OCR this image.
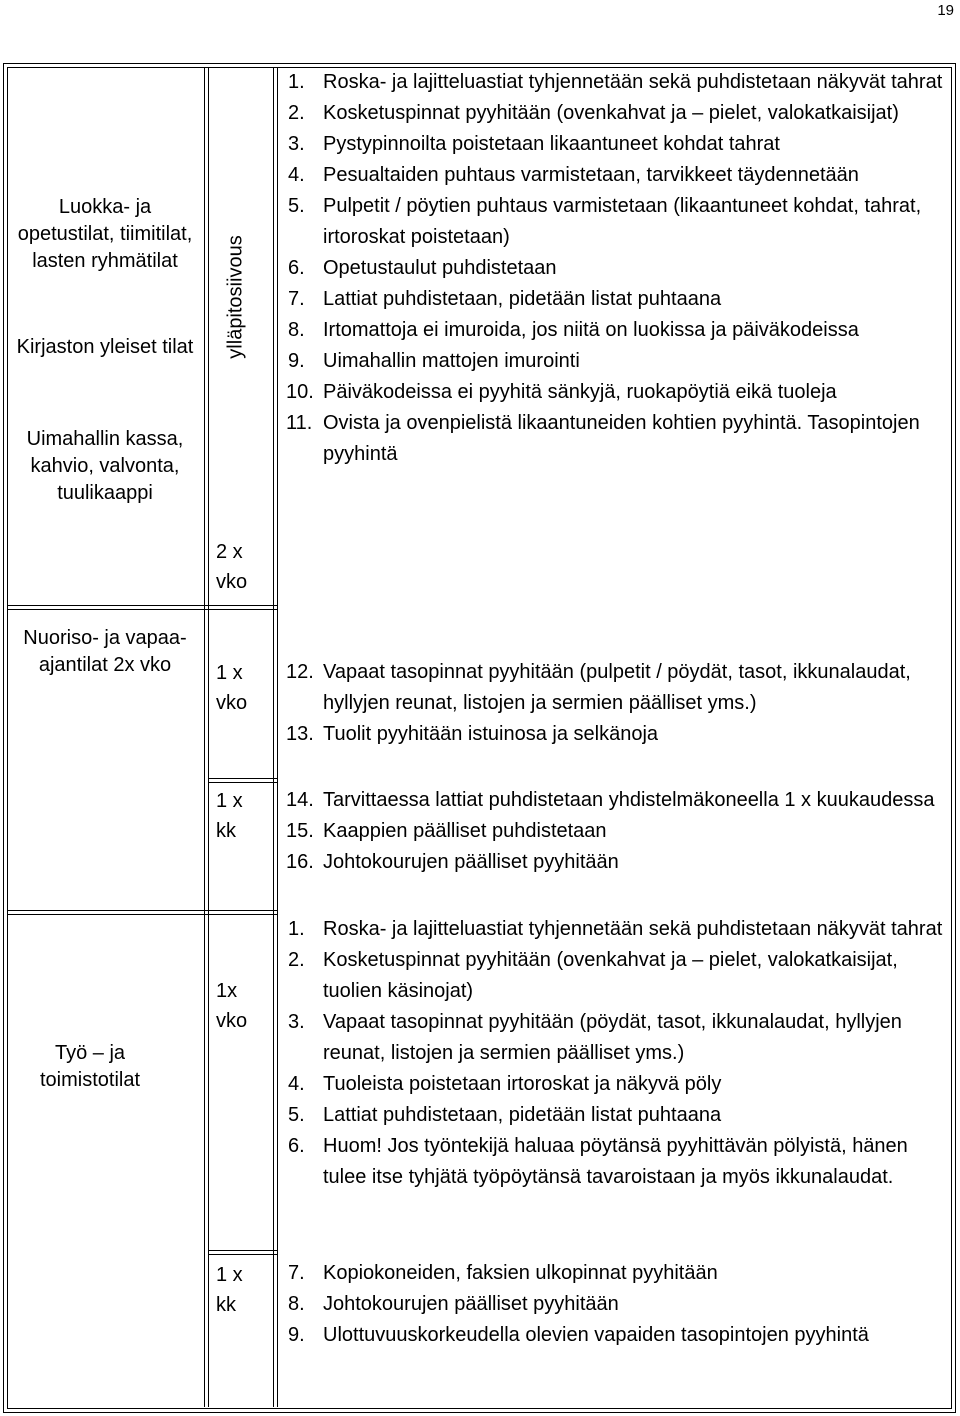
19
Luokka- ja opetustilat, tiimitilat, lasten ryhmätilat
Kirjaston yleiset tilat
Uimahallin kassa, kahvio, valvonta, tuulikaappi
ylläpitosiivous
2 x vko
1. Roska- ja lajitteluastiat tyhjennetään sekä puhdistetaan näkyvät tahrat
2. Kosketuspinnat pyyhitään (ovenkahvat ja – pielet, valokatkaisijat)
3. Pystypinnoilta poistetaan likaantuneet kohdat tahrat
4. Pesualtaiden puhtaus varmistetaan, tarvikkeet täydennetään
5. Pulpetit / pöytien puhtaus varmistetaan (likaantuneet kohdat, tahrat, irtoroskat poistetaan)
6. Opetustaulut puhdistetaan
7. Lattiat puhdistetaan, pidetään listat puhtaana
8. Irtomattoja ei imuroida, jos niitä on luokissa ja päiväkodeissa
9. Uimahallin mattojen imurointi
10. Päiväkodeissa ei pyyhitä sänkyjä, ruokapöytiä eikä tuoleja
11. Ovista ja ovenpielistä likaantuneiden kohtien pyyhintä. Tasopintojen pyyhintä
Nuoriso- ja vapaa-ajantilat 2x vko	1 x vko
12. Vapaat tasopinnat pyyhitään (pulpetit / pöydät, tasot, ikkunalaudat, hyllyjen reunat, listojen ja sermien päälliset yms.)
13. Tuolit pyyhitään istuinosa ja selkänoja
1 x kk
14. Tarvittaessa lattiat puhdistetaan yhdistelmäkoneella 1 x kuukaudessa
15. Kaappien päälliset puhdistetaan
16. Johtokourujen päälliset pyyhitään
Työ – ja toimistotilat
1x vko
1. Roska- ja lajitteluastiat tyhjennetään sekä puhdistetaan näkyvät tahrat
2. Kosketuspinnat pyyhitään (ovenkahvat ja – pielet, valokatkaisijat, tuolien käsinojat)
3. Vapaat tasopinnat pyyhitään (pöydät, tasot, ikkunalaudat, hyllyjen reunat, listojen ja sermien päälliset yms.)
4. Tuoleista poistetaan irtoroskat ja näkyvä pöly
5. Lattiat puhdistetaan, pidetään listat puhtaana
6. Huom! Jos työntekijä haluaa pöytänsä pyyhittävän pölyistä, hänen tulee itse tyhjätä työpöytänsä tavaroistaan ja myös ikkunalaudat.
1 x kk
7. Kopiokoneiden, faksien ulkopinnat pyyhitään
8. Johtokourujen päälliset pyyhitään
9. Ulottuvuuskorkeudella olevien vapaiden tasopintojen pyyhintä
